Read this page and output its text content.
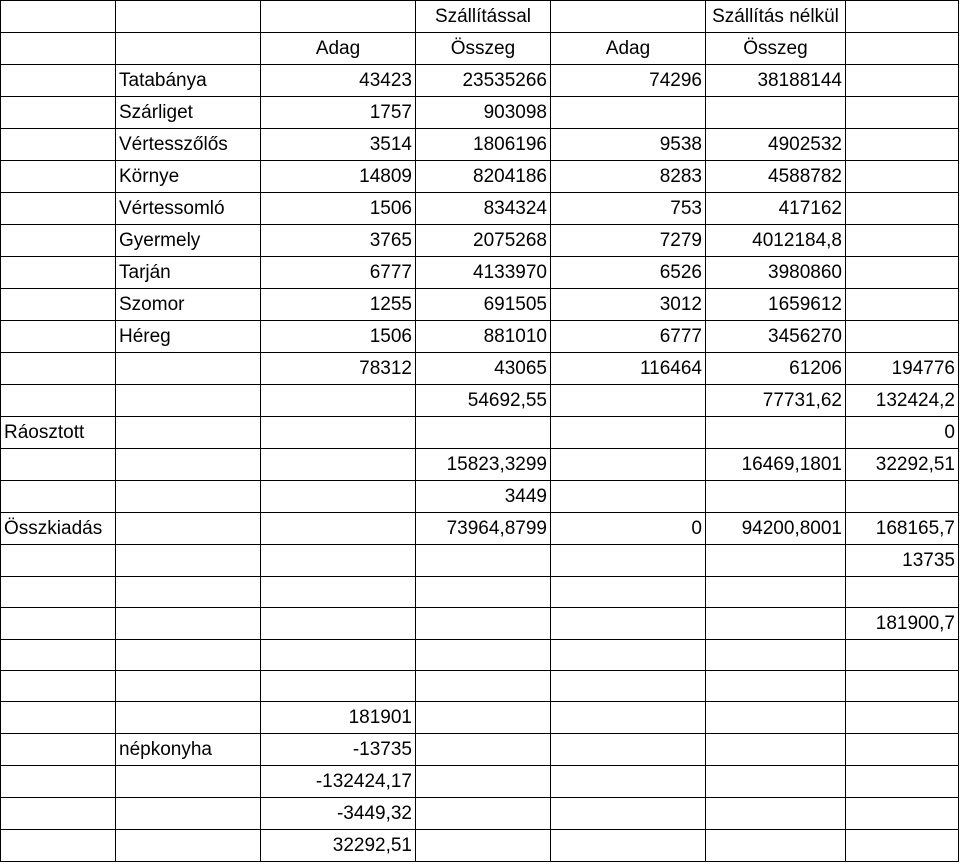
			Szállítással		Szállítás nélkül	
		Adag	Összeg	Adag	Összeg	
	Tatabánya	43423	23535266	74296	38188144	
	Szárliget	1757	903098			
	Vértesszőlős	3514	1806196	9538	4902532	
	Környe	14809	8204186	8283	4588782	
	Vértessomló	1506	834324	753	417162	
	Gyermely	3765	2075268	7279	4012184,8	
	Tarján	6777	4133970	6526	3980860	
	Szomor	1255	691505	3012	1659612	
	Héreg	1506	881010	6777	3456270	
		78312	43065	116464	61206	194776
			54692,55		77731,62	132424,2
Ráosztott						0
			15823,3299		16469,1801	32292,51
			3449			
Összkiadás			73964,8799	0	94200,8001	168165,7
						13735

						181900,7

		181901				
	népkonyha	-13735				
		-132424,17				
		-3449,32				
		32292,51				
